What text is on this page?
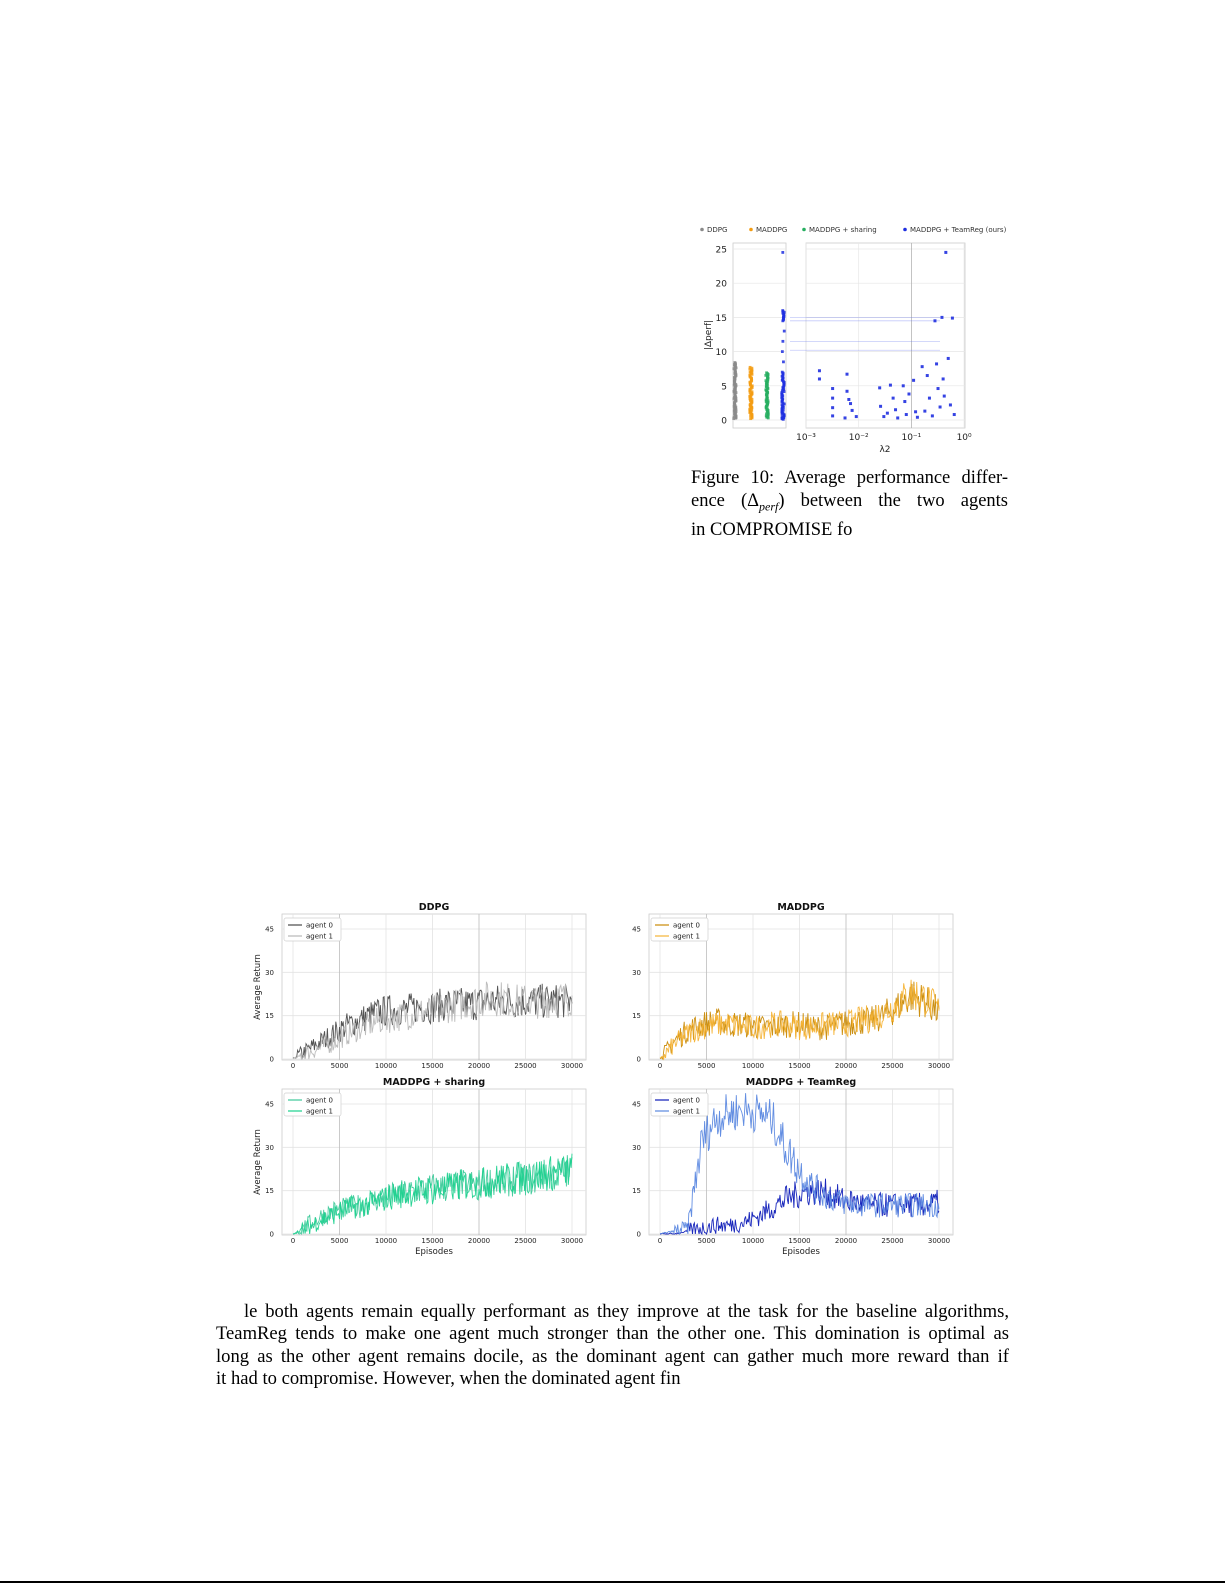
DDPG	MADDPG	MADDPG + sharing	MADDPG + TeamReg (ours)
0
5
10
15
20
25
|Δperf|
10⁻³	10⁻²	10⁻¹	10⁰
λ2
Figure 10: Average performance differ-
ence $(\Delta_{perf})$ between the two agents
in COMPROMISE fo
DDPG
0
15
30
45
0	5000	10000	15000	20000	25000	30000
Average Return
agent 0
agent 1
MADDPG
0
15
30
45
0	5000	10000	15000	20000	25000	30000
agent 0
agent 1
MADDPG + sharing
0
15
30
45
0	5000	10000	15000	20000	25000	30000
Average Return
Episodes
agent 0
agent 1
MADDPG + TeamReg
0
15
30
45
0	5000	10000	15000	20000	25000	30000
Episodes
agent 0
agent 1
le both agents remain equally performant as they improve at the task for the baseline algorithms,
TeamReg tends to make one agent much stronger than the other one. This domination is optimal as
long as the other agent remains docile, as the dominant agent can gather much more reward than if
it had to compromise. However, when the dominated agent fin
